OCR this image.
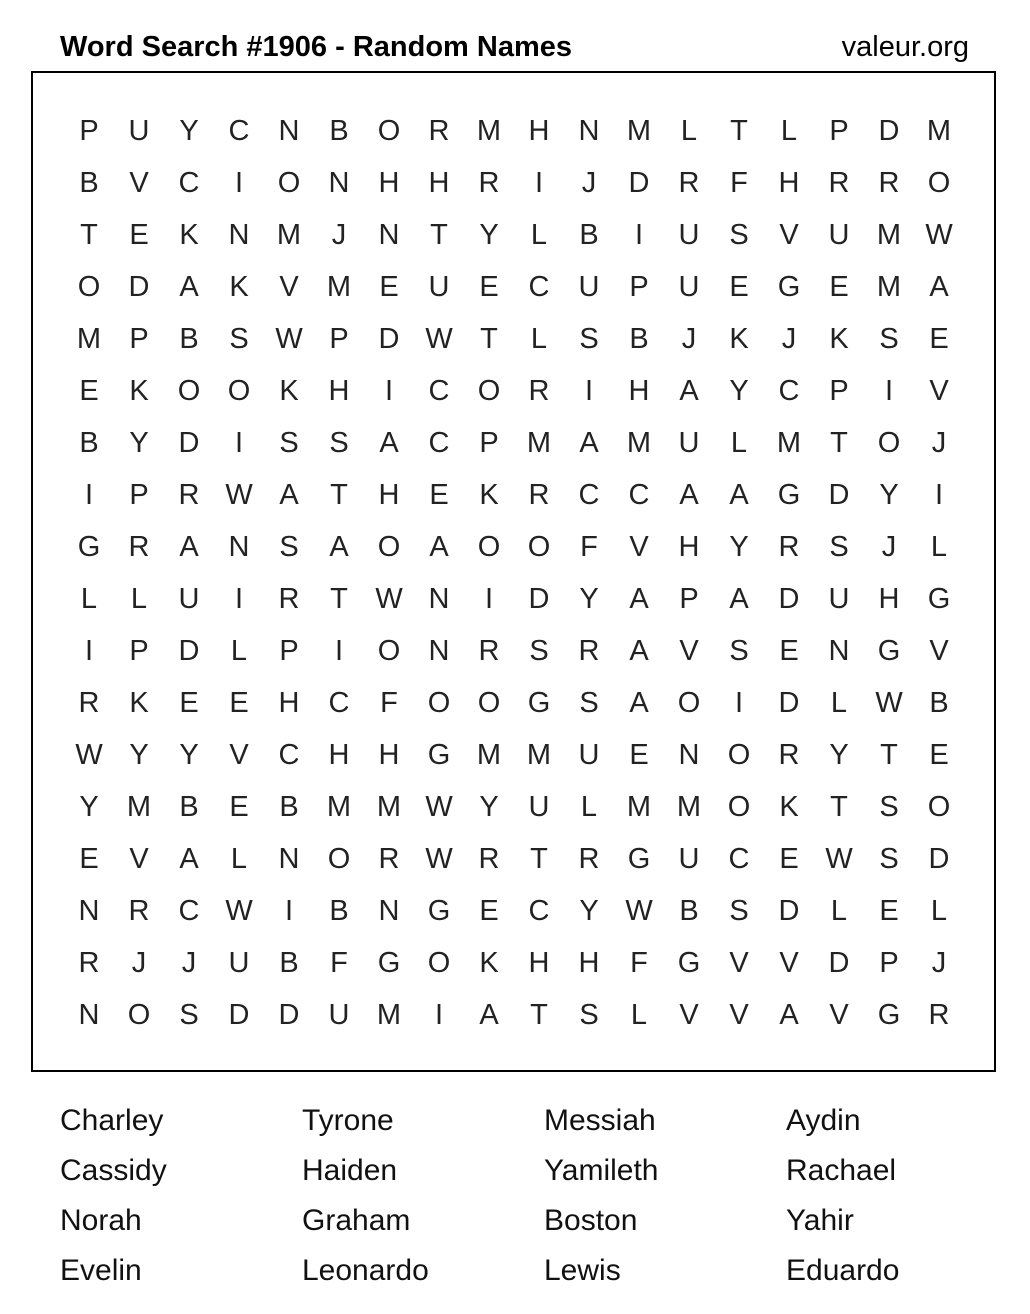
Word Search #1906 - Random Names	valeur.org
P	U	Y	C	N	B	O R M H	N M	L	T	L	P	D M
B	V	C	I	O N	H	H	R	I	J	D	R	F	H	R	R O
T	E	K	N M	J	N	T	Y	L	B	I	U	S	V	U M W
O D	A	K	V M E	U	E	C	U	P	U	E	G	E M A
M P	B	S W P	D W T	L	S	B	J	K	J	K	S	E
E	K	O O	K	H	I	C O R	I	H	A	Y	C	P	I	V
B	Y	D	I	S	S	A	C	P M A M U	L	M	T	O	J
I	P	R W A	T	H	E	K	R	C	C	A	A	G D	Y	I
G R	A	N	S	A	O	A	O O	F	V	H	Y	R	S	J	L
L	L	U	I	R	T W N	I	D	Y	A	P	A	D	U	H G
I	P	D	L	P	I	O N	R	S	R	A	V	S	E	N G	V
R	K	E	E	H	C	F	O O G	S	A	O	I	D	L W B
W Y	Y	V	C	H	H G M M U	E	N O R	Y	T	E
Y M B	E	B M M W Y	U	L	M M O	K	T	S	O
E	V	A	L	N O R W R	T	R G U	C	E W S	D
N	R	C W	I	B	N G	E	C	Y W B	S	D	L	E	L
R	J	J	U	B	F	G O	K	H	H	F	G	V	V	D	P	J
N O	S	D	D	U M	I	A	T	S	L	V	V	A	V	G R
Charley	Tyrone	Messiah	Aydin
Cassidy	Haiden	Yamileth	Rachael
Norah	Graham	Boston	Yahir
Evelin	Leonardo	Lewis	Eduardo
